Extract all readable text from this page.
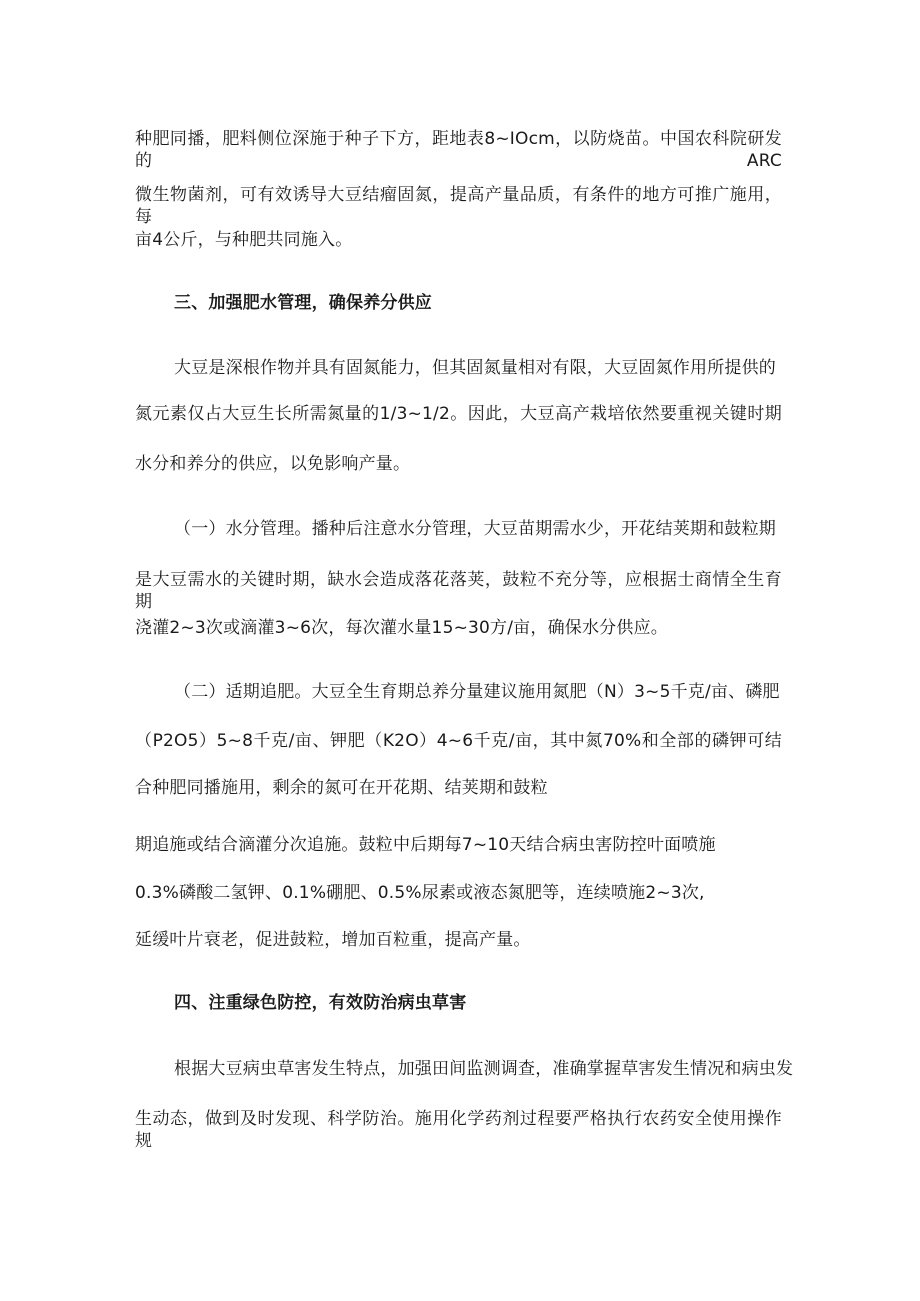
种肥同播，肥料侧位深施于种子下方，距地表8~IOcm，以防烧苗。中国农科院研发的ARC
微生物菌剂，可有效诱导大豆结瘤固氮，提高产量品质，有条件的地方可推广施用，每
亩4公斤，与种肥共同施入。
三、加强肥水管理，确保养分供应
大豆是深根作物并具有固氮能力，但其固氮量相对有限，大豆固氮作用所提供的
氮元素仅占大豆生长所需氮量的1/3~1/2。因此，大豆高产栽培依然要重视关键时期
水分和养分的供应，以免影响产量。
（一）水分管理。播种后注意水分管理，大豆苗期需水少，开花结荚期和鼓粒期
是大豆需水的关键时期，缺水会造成落花落荚，鼓粒不充分等，应根据士商情全生育期
浇灌2~3次或滴灌3~6次，每次灌水量15~30方/亩，确保水分供应。
（二）适期追肥。大豆全生育期总养分量建议施用氮肥（N）3~5千克/亩、磷肥
（P2O5）5~8千克/亩、钾肥（K2O）4~6千克/亩，其中氮70%和全部的磷钾可结
合种肥同播施用，剩余的氮可在开花期、结荚期和鼓粒
期追施或结合滴灌分次追施。鼓粒中后期每7~10天结合病虫害防控叶面喷施
0.3%磷酸二氢钾、0.1%硼肥、0.5%尿素或液态氮肥等，连续喷施2~3次,
延缓叶片衰老，促进鼓粒，增加百粒重，提高产量。
四、注重绿色防控，有效防治病虫草害
根据大豆病虫草害发生特点，加强田间监测调查，准确掌握草害发生情况和病虫发
生动态，做到及时发现、科学防治。施用化学药剂过程要严格执行农药安全使用操作规
